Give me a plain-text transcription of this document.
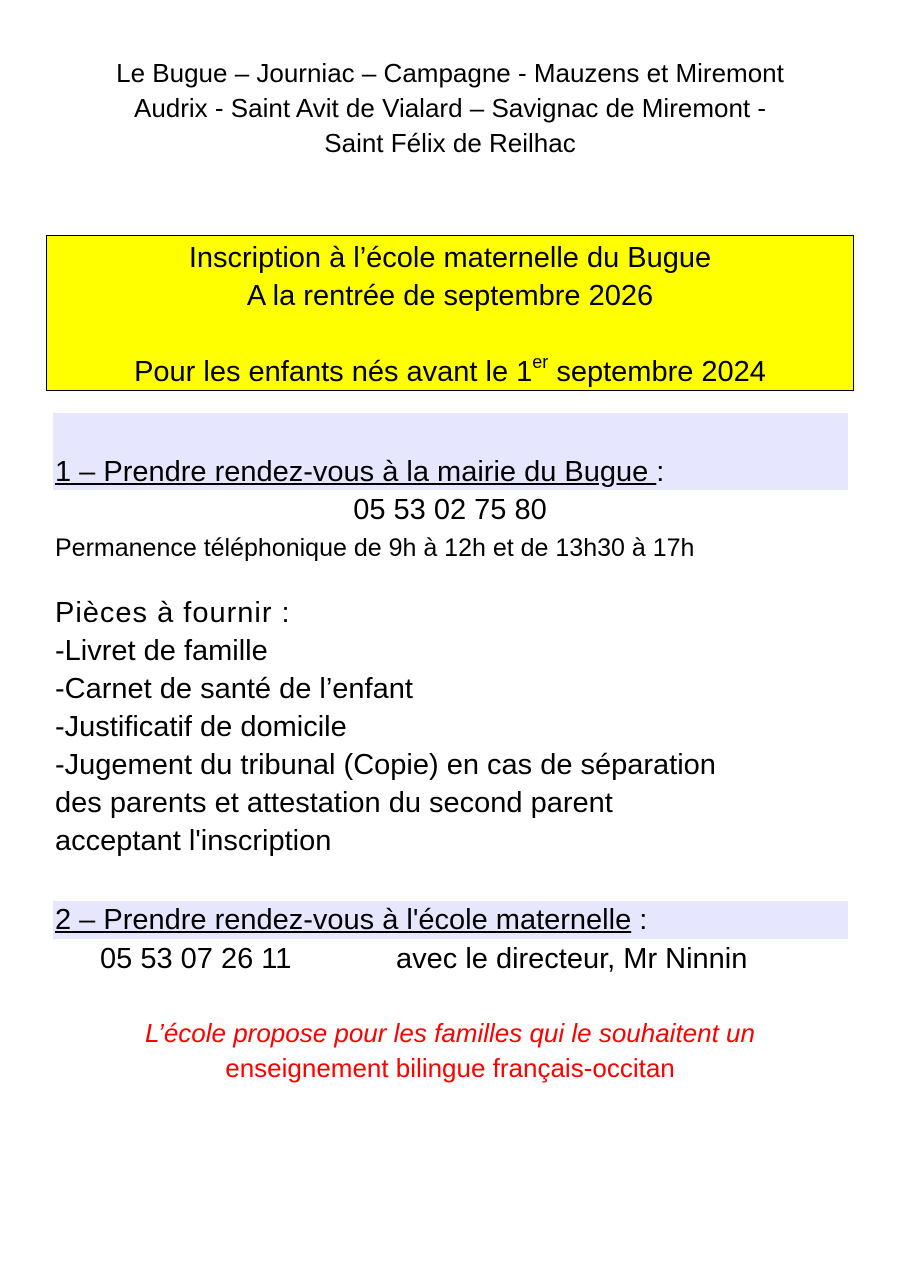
Le Bugue – Journiac – Campagne - Mauzens et Miremont
Audrix - Saint Avit de Vialard – Savignac de Miremont -
Saint Félix de Reilhac
Inscription à l’école maternelle du Bugue
A la rentrée de septembre 2026
Pour les enfants nés avant le 1er septembre 2024
1 – Prendre rendez-vous à la mairie du Bugue :
05 53 02 75 80
Permanence téléphonique de 9h à 12h et de 13h30 à 17h
Pièces à fournir :
-Livret de famille
-Carnet de santé de l’enfant
-Justificatif de domicile
-Jugement du tribunal (Copie) en cas de séparation
des parents et attestation du second parent
acceptant l'inscription
2 – Prendre rendez-vous à l'école maternelle :
05 53 07 26 11	avec le directeur, Mr Ninnin
L’école propose pour les familles qui le souhaitent un
enseignement bilingue français-occitan
